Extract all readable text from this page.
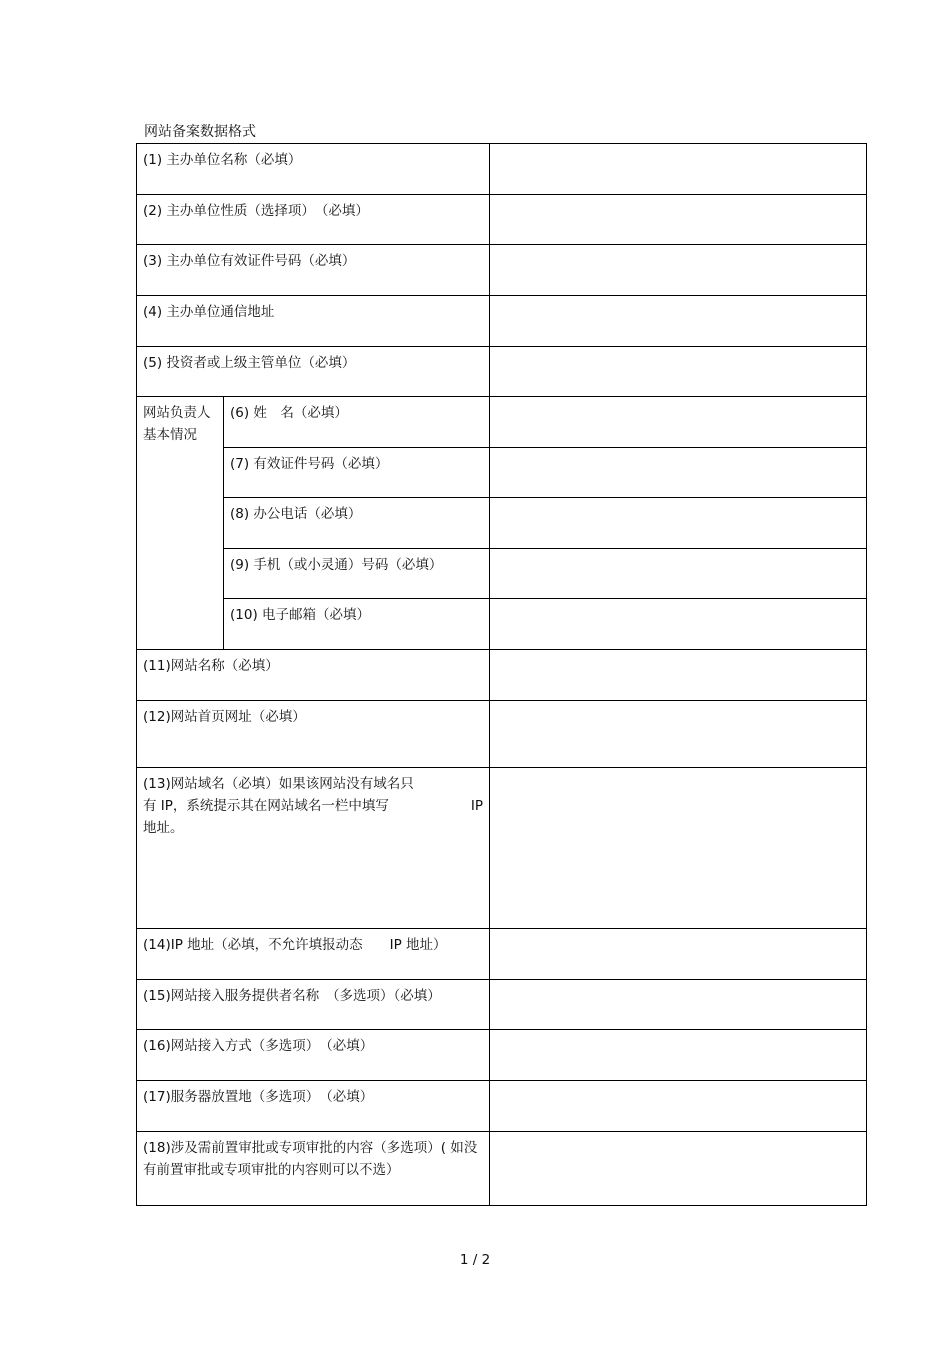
网站备案数据格式
(1) 主办单位名称（必填）		
(2) 主办单位性质（选择项）　（必填）		
(3) 主办单位有效证件号码（必填）		

(4) 主办单位通信地址		
(5) 投资者或上级主管单位（必填）		
网站负责人基本情况	(6) 姓　名（必填）	
	(7) 有效证件号码（必填）	

	(8) 办公电话（必填）	
	(9) 手机（或小灵通）号码（必填）	
	(10) 电子邮箱（必填）	
(11)网站名称（必填）		
(12)网站首页网址（必填）		

(13)网站域名（必填）如果该网站没有域名只
有 IP，系统提示其在网站域名一栏中填写 IP
地址。		

(14)IP 地址（必填，不允许填报动态　　IP 地址）		
(15)网站接入服务提供者名称　（多选项）（必填）		
(16)网站接入方式（多选项）　（必填）		
(17)服务器放置地（多选项）　（必填）		
(18)涉及需前置审批或专项审批的内容（多选项）( 如没有前置审批或专项审批的内容则可以不选）		
1 / 2
